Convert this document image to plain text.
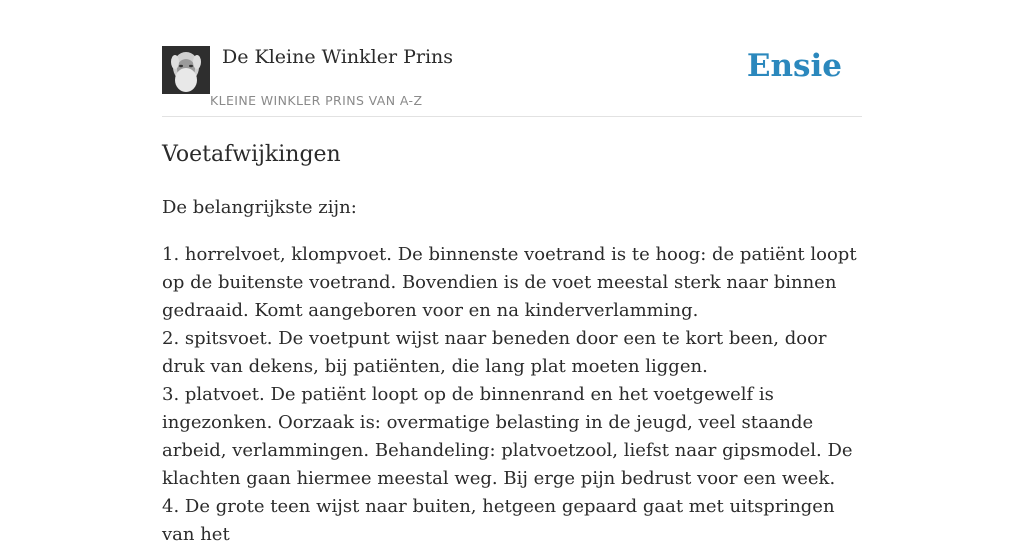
De Kleine Winkler Prins
KLEINE WINKLER PRINS VAN A-Z
Ensie
Voetafwijkingen

De belangrijkste zijn:

1. horrelvoet, klompvoet. De binnenste voetrand is te hoog: de patiënt loopt op de buitenste voetrand. Bovendien is de voet meestal sterk naar binnen gedraaid. Komt aangeboren voor en na kinderverlamming.
2. spitsvoet. De voetpunt wijst naar beneden door een te kort been, door druk van dekens, bij patiënten, die lang plat moeten liggen.
3. platvoet. De patiënt loopt op de binnenrand en het voetgewelf is ingezonken. Oorzaak is: overmatige belasting in de jeugd, veel staande arbeid, verlammingen. Behandeling: platvoetzool, liefst naar gipsmodel. De klachten gaan hiermee meestal weg. Bij erge pijn bedrust voor een week.
4. De grote teen wijst naar buiten, hetgeen gepaard gaat met uitspringen van het
